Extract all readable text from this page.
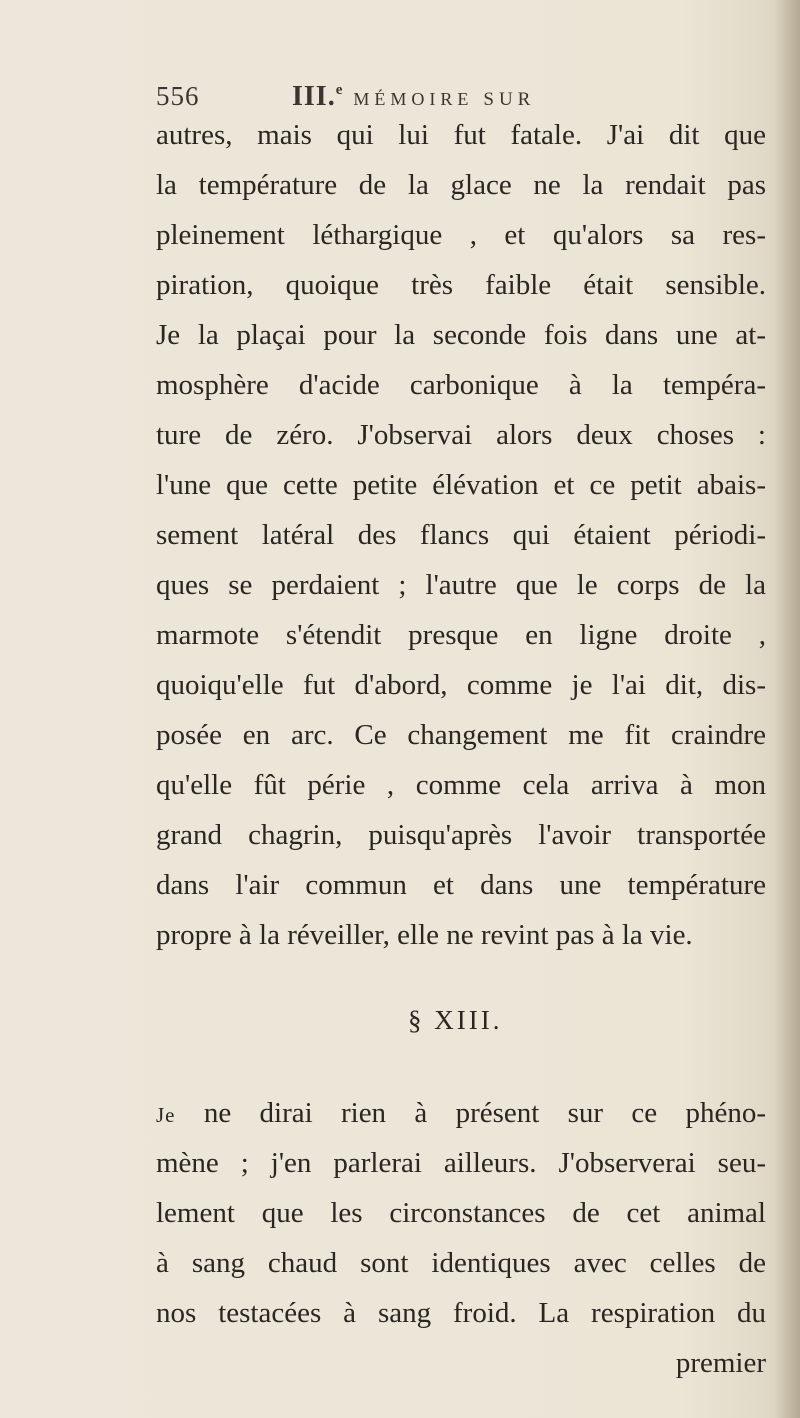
556	III.$^e$ MÉMOIRE SUR
autres, mais qui lui fut fatale. J'ai dit que
la température de la glace ne la rendait pas
pleinement léthargique , et qu'alors sa res-
piration, quoique très faible était sensible.
Je la plaçai pour la seconde fois dans une at-
mosphère d'acide carbonique à la tempéra-
ture de zéro. J'observai alors deux choses :
l'une que cette petite élévation et ce petit abais-
sement latéral des flancs qui étaient périodi-
ques se perdaient ; l'autre que le corps de la
marmote s'étendit presque en ligne droite ,
quoiqu'elle fut d'abord, comme je l'ai dit, dis-
posée en arc. Ce changement me fit craindre
qu'elle fût périe , comme cela arriva à mon
grand chagrin, puisqu'après l'avoir transportée
dans l'air commun et dans une température
propre à la réveiller, elle ne revint pas à la vie.
§ XIII.
Je ne dirai rien à présent sur ce phéno-
mène ; j'en parlerai ailleurs. J'observerai seu-
lement que les circonstances de cet animal
à sang chaud sont identiques avec celles de
nos testacées à sang froid. La respiration du
premier
